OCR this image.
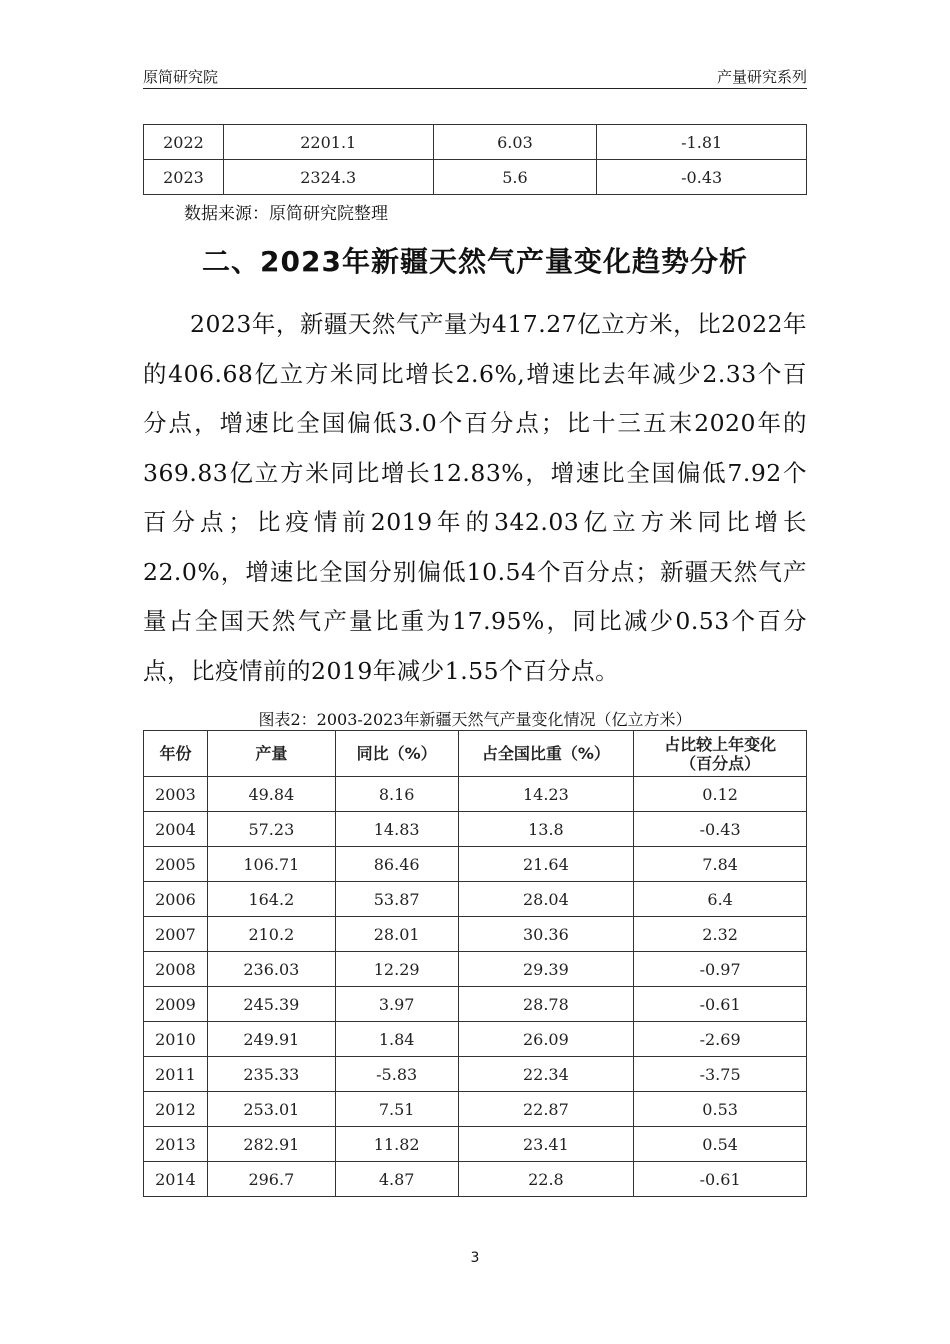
原简研究院	产量研究系列
2022	2201.1	6.03	-1.81
2023	2324.3	5.6	-0.43
数据来源：原简研究院整理
二、2023年新疆天然气产量变化趋势分析

2023年，新疆天然气产量为417.27亿立方米，比2022年的406.68亿立方米同比增长2.6%,增速比去年减少2.33个百分点，增速比全国偏低3.0个百分点；比十三五末2020年的369.83亿立方米同比增长12.83%，增速比全国偏低7.92个百分点；比疫情前2019年的342.03亿立方米同比增长22.0%，增速比全国分别偏低10.54个百分点；新疆天然气产量占全国天然气产量比重为17.95%，同比减少0.53个百分点，比疫情前的2019年减少1.55个百分点。

图表2：2003-2023年新疆天然气产量变化情况（亿立方米）
年份	产量	同比（%）	占全国比重（%）	占比较上年变化（百分点）
2003	49.84	8.16	14.23	0.12
2004	57.23	14.83	13.8	-0.43
2005	106.71	86.46	21.64	7.84
2006	164.2	53.87	28.04	6.4
2007	210.2	28.01	30.36	2.32
2008	236.03	12.29	29.39	-0.97
2009	245.39	3.97	28.78	-0.61
2010	249.91	1.84	26.09	-2.69
2011	235.33	-5.83	22.34	-3.75
2012	253.01	7.51	22.87	0.53
2013	282.91	11.82	23.41	0.54
2014	296.7	4.87	22.8	-0.61
3
